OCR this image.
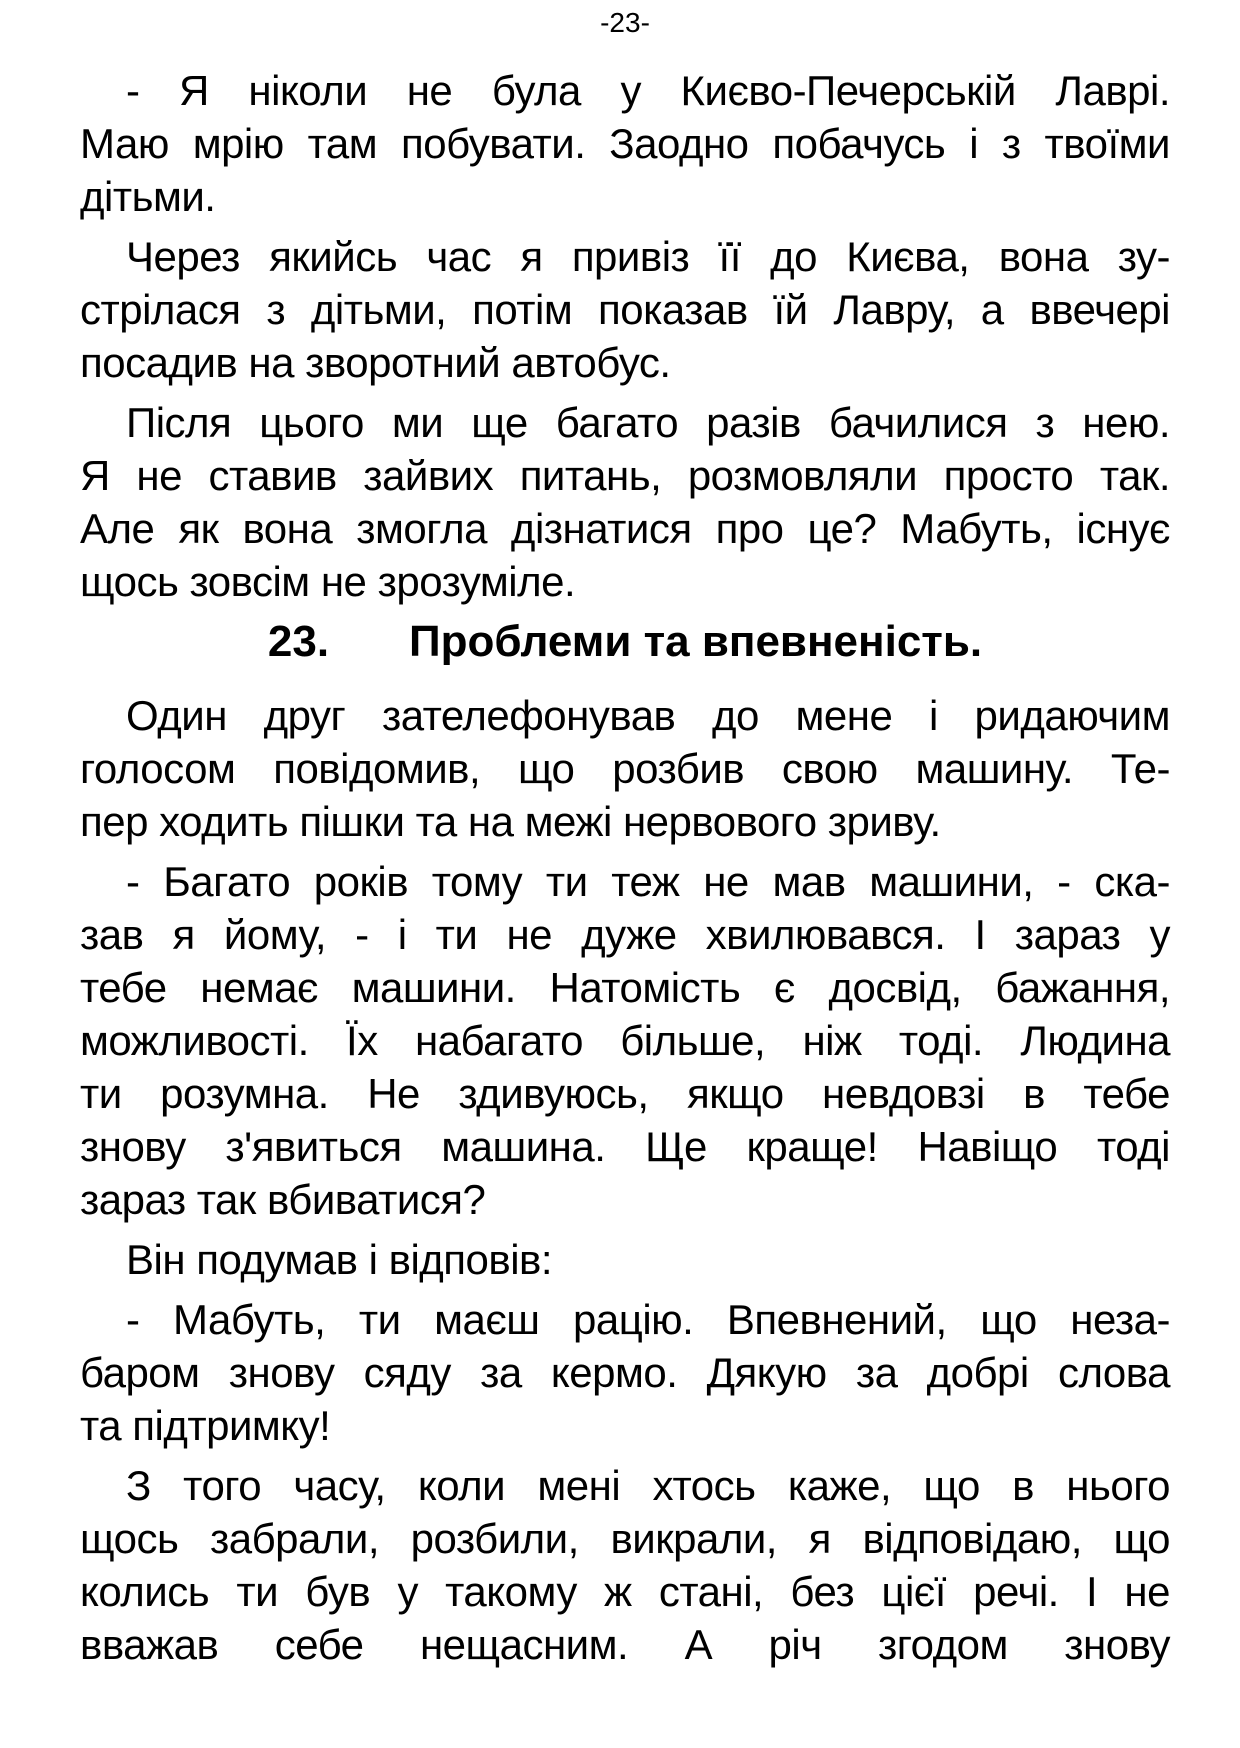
-23-
- Я ніколи не була у Києво-Печерській Лаврі.
Маю мрію там побувати. Заодно побачусь і з твоїми
дітьми.
Через якийсь час я привіз її до Києва, вона зу-
стрілася з дітьми, потім показав їй Лавру, а ввечері
посадив на зворотний автобус.
Після цього ми ще багато разів бачилися з нею.
Я не ставив зайвих питань, розмовляли просто так.
Але як вона змогла дізнатися про це? Мабуть, існує
щось зовсім не зрозуміле.
23. Проблеми та впевненість.
Один друг зателефонував до мене і ридаючим
голосом повідомив, що розбив свою машину. Те-
пер ходить пішки та на межі нервового зриву.
- Багато років тому ти теж не мав машини, - ска-
зав я йому, - і ти не дуже хвилювався. І зараз у
тебе немає машини. Натомість є досвід, бажання,
можливості. Їх набагато більше, ніж тоді. Людина
ти розумна. Не здивуюсь, якщо невдовзі в тебе
знову з'явиться машина. Ще краще! Навіщо тоді
зараз так вбиватися?
Він подумав і відповів:
- Мабуть, ти маєш рацію. Впевнений, що неза-
баром знову сяду за кермо. Дякую за добрі слова
та підтримку!
З того часу, коли мені хтось каже, що в нього
щось забрали, розбили, викрали, я відповідаю, що
колись ти був у такому ж стані, без цієї речі. І не
вважав себе нещасним. А річ згодом знову
